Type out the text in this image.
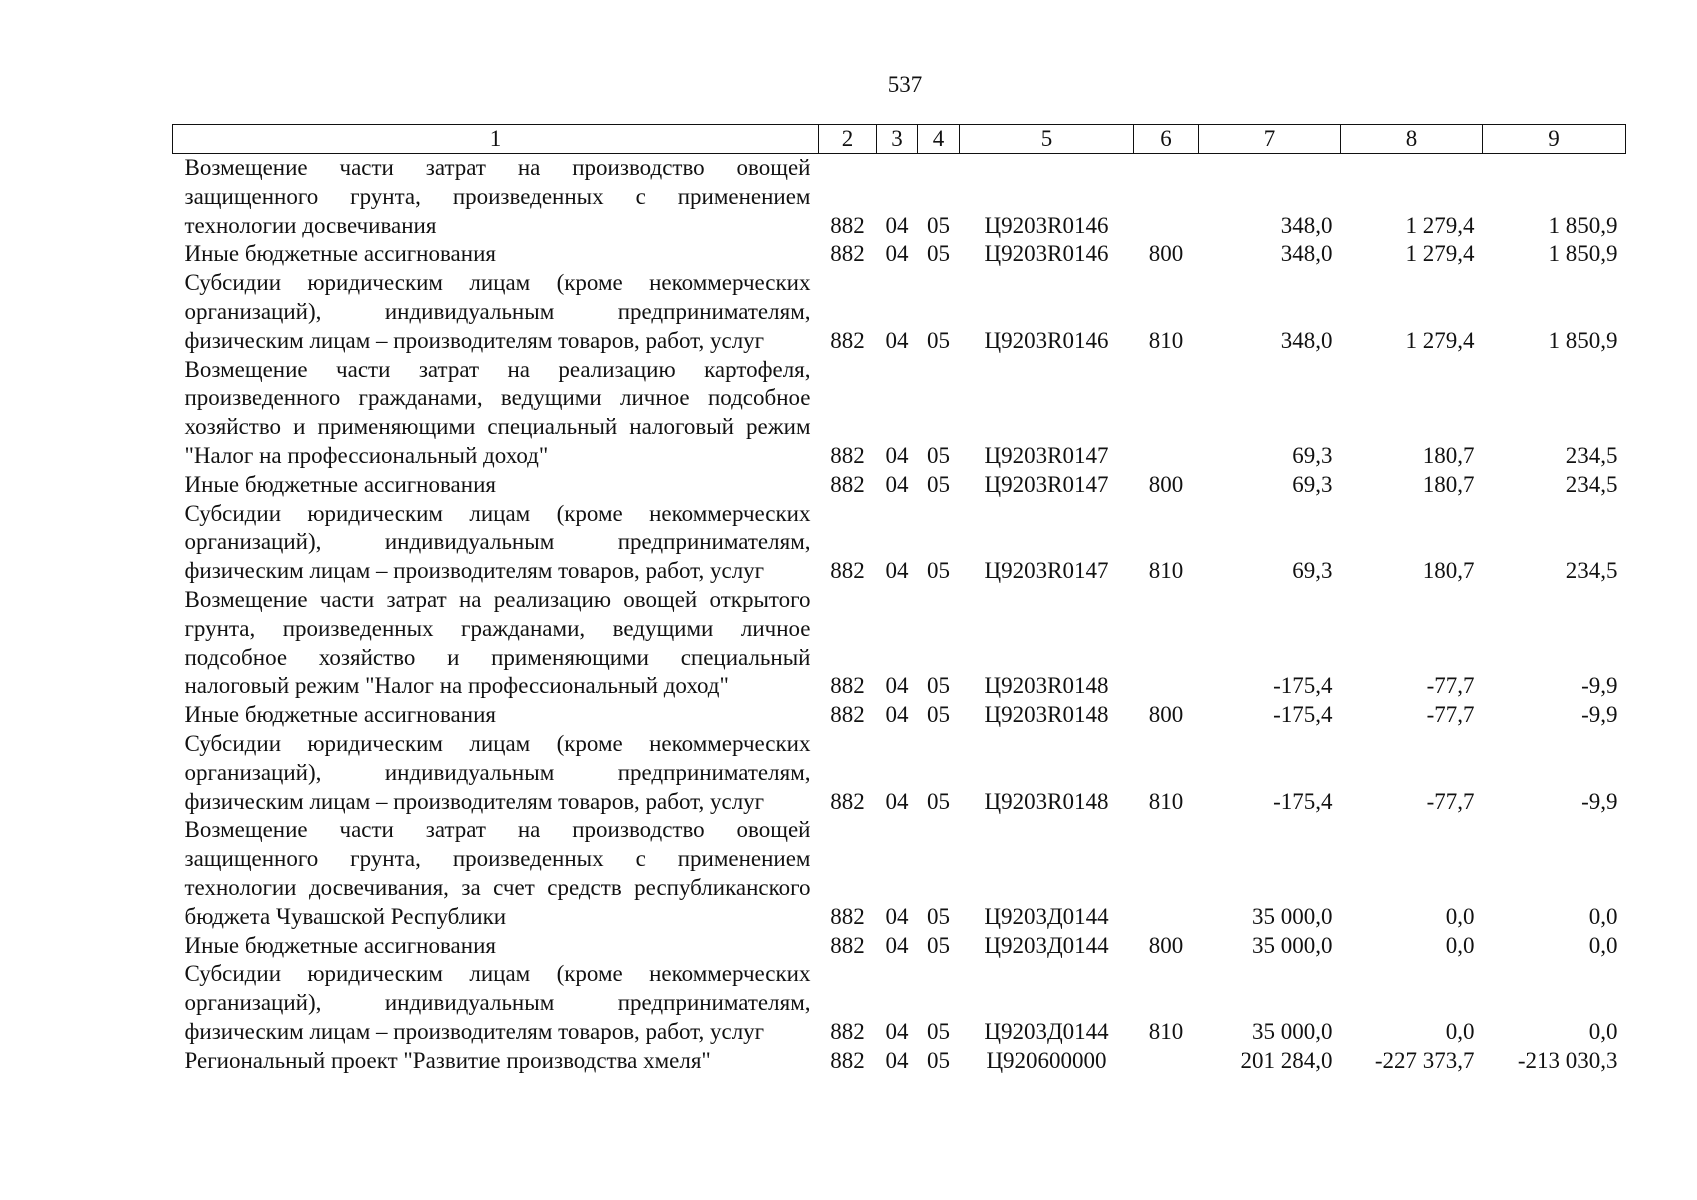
537
1	2	3	4	5	6	7	8	9
Возмещение части затрат на производство овощей защищенного грунта, произведенных с применением технологии досвечивания	882	04	05	Ц9203R0146		348,0	1 279,4	1 850,9
Иные бюджетные ассигнования	882	04	05	Ц9203R0146	800	348,0	1 279,4	1 850,9
Субсидии юридическим лицам (кроме некоммерческих организаций), индивидуальным предпринимателям, физическим лицам – производителям товаров, работ, услуг	882	04	05	Ц9203R0146	810	348,0	1 279,4	1 850,9
Возмещение части затрат на реализацию картофеля, произведенного гражданами, ведущими личное подсобное хозяйство и применяющими специальный налоговый режим "Налог на профессиональный доход"	882	04	05	Ц9203R0147		69,3	180,7	234,5
Иные бюджетные ассигнования	882	04	05	Ц9203R0147	800	69,3	180,7	234,5
Субсидии юридическим лицам (кроме некоммерческих организаций), индивидуальным предпринимателям, физическим лицам – производителям товаров, работ, услуг	882	04	05	Ц9203R0147	810	69,3	180,7	234,5
Возмещение части затрат на реализацию овощей открытого грунта, произведенных гражданами, ведущими личное подсобное хозяйство и применяющими специальный налоговый режим "Налог на профессиональный доход"	882	04	05	Ц9203R0148		-175,4	-77,7	-9,9
Иные бюджетные ассигнования	882	04	05	Ц9203R0148	800	-175,4	-77,7	-9,9
Субсидии юридическим лицам (кроме некоммерческих организаций), индивидуальным предпринимателям, физическим лицам – производителям товаров, работ, услуг	882	04	05	Ц9203R0148	810	-175,4	-77,7	-9,9
Возмещение части затрат на производство овощей защищенного грунта, произведенных с применением технологии досвечивания, за счет средств республиканского бюджета Чувашской Республики	882	04	05	Ц9203Д0144		35 000,0	0,0	0,0
Иные бюджетные ассигнования	882	04	05	Ц9203Д0144	800	35 000,0	0,0	0,0
Субсидии юридическим лицам (кроме некоммерческих организаций), индивидуальным предпринимателям, физическим лицам – производителям товаров, работ, услуг	882	04	05	Ц9203Д0144	810	35 000,0	0,0	0,0
Региональный проект "Развитие производства хмеля"	882	04	05	Ц920600000		201 284,0	-227 373,7	-213 030,3
